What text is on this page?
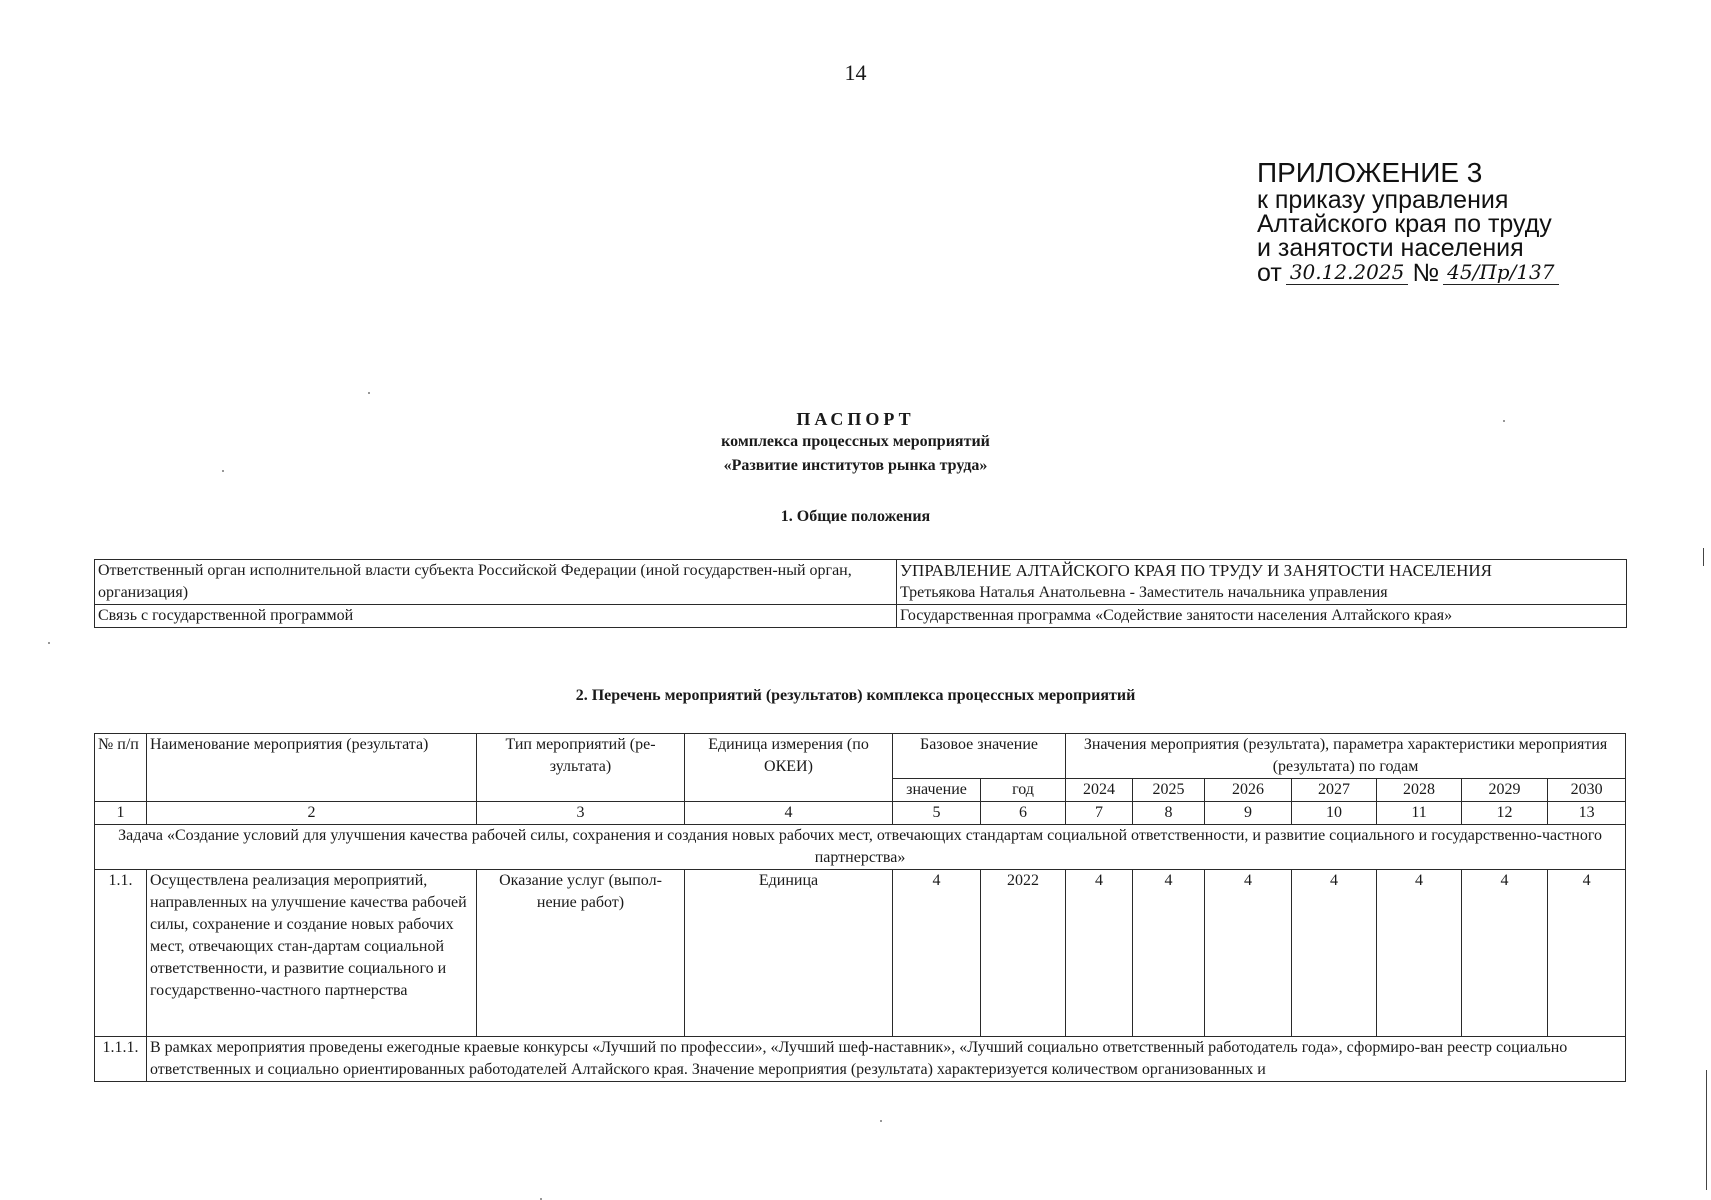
14
ПРИЛОЖЕНИЕ 3
к приказу управления
Алтайского края по труду
и занятости населения
от 30.12.2025 № 45/Пр/137
ПАСПОРТ
комплекса процессных мероприятий
«Развитие институтов рынка труда»
1. Общие положения
Ответственный орган исполнительной власти субъекта Российской Федерации (иной государствен-ный орган, организация)	УПРАВЛЕНИЕ АЛТАЙСКОГО КРАЯ ПО ТРУДУ И ЗАНЯТОСТИ НАСЕЛЕНИЯ
Третьякова Наталья Анатольевна - Заместитель начальника управления

Связь с государственной программой	Государственная программа «Содействие занятости населения Алтайского края»
2. Перечень мероприятий (результатов) комплекса процессных мероприятий
№ п/п	Наименование мероприятия (результата)	Тип мероприятий (ре-зультата)	Единица измерения (по ОКЕИ)	Базовое значение		Значения мероприятия (результата), параметра характеристики мероприятия (результата) по годам						
				значение	год	2024	2025	2026	2027	2028	2029	2030
1	2	3	4	5	6	7	8	9	10	11	12	13
Задача «Создание условий для улучшения качества рабочей силы, сохранения и создания новых рабочих мест, отвечающих стандартам социальной ответственности, и развитие социального и государственно-частного партнерства»												
1.1.	Осуществлена реализация мероприятий, направленных на улучшение качества рабочей силы, сохранение и создание новых рабочих мест, отвечающих стан-дартам социальной ответственности, и развитие социального и государственно-частного партнерства	Оказание услуг (выпол-нение работ)	Единица	4	2022	4	4	4	4	4	4	4
1.1.1.	В рамках мероприятия проведены ежегодные краевые конкурсы «Лучший по профессии», «Лучший шеф-наставник», «Лучший социально ответственный работодатель года», сформиро-ван реестр социально ответственных и социально ориентированных работодателей Алтайского края. Значение мероприятия (результата) характеризуется количеством организованных и											
